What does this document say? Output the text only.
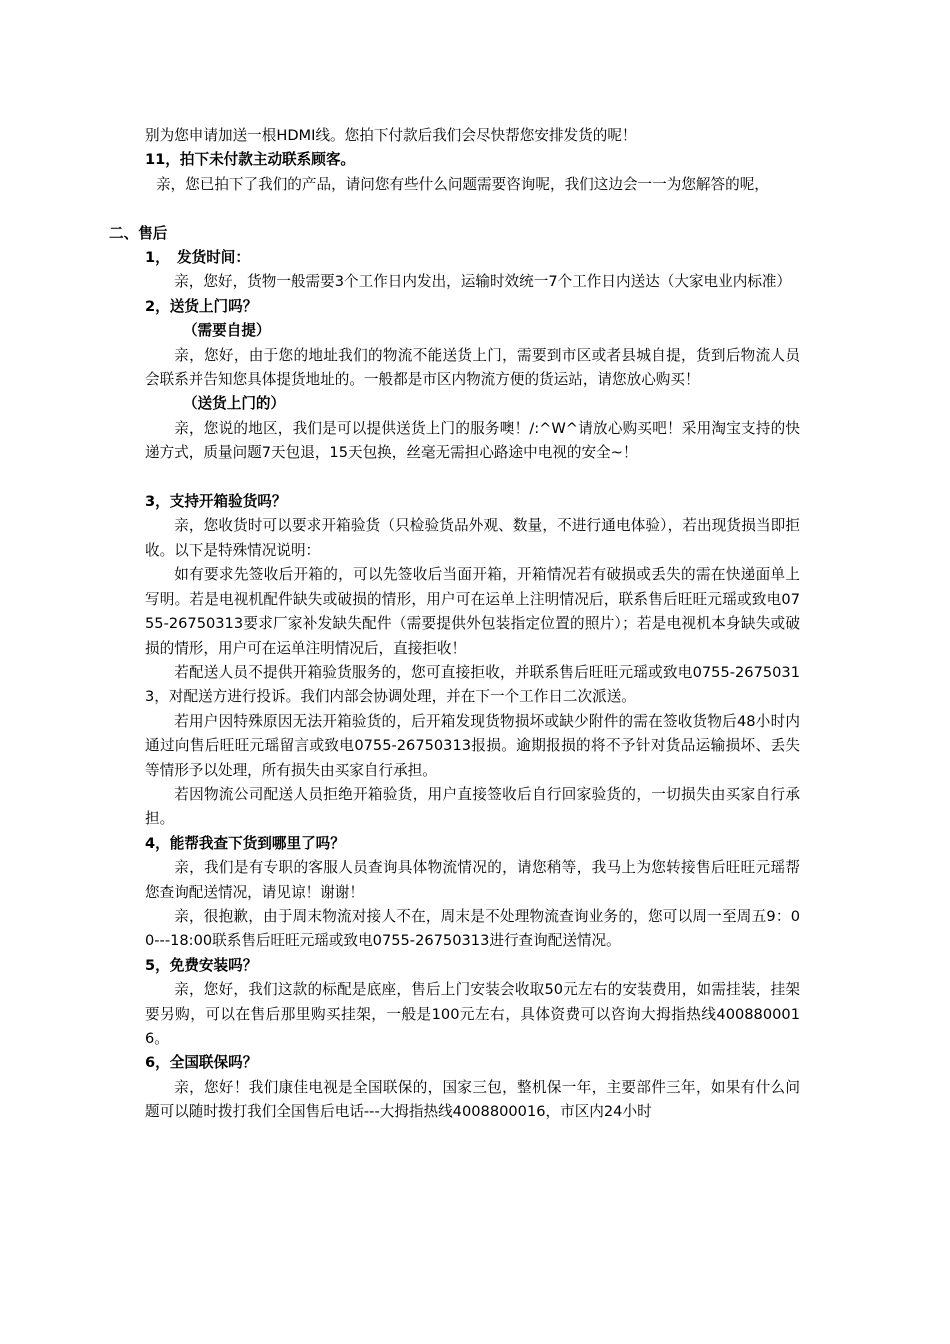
别为您申请加送一根HDMI线。您拍下付款后我们会尽快帮您安排发货的呢！

11，拍下未付款主动联系顾客。

亲，您已拍下了我们的产品，请问您有些什么问题需要咨询呢，我们这边会一一为您解答的呢，

二、售后

1， 发货时间：

亲，您好，货物一般需要3个工作日内发出，运输时效统一7个工作日内送达（大家电业内标准）

2，送货上门吗？

（需要自提）

亲，您好，由于您的地址我们的物流不能送货上门，需要到市区或者县城自提，货到后物流人员会联系并告知您具体提货地址的。一般都是市区内物流方便的货运站，请您放心购买！

（送货上门的）

亲，您说的地区，我们是可以提供送货上门的服务噢！/:^W^请放心购买吧！采用淘宝支持的快递方式，质量问题7天包退，15天包换，丝毫无需担心路途中电视的安全~！

3，支持开箱验货吗？

亲，您收货时可以要求开箱验货（只检验货品外观、数量，不进行通电体验），若出现货损当即拒收。以下是特殊情况说明：

如有要求先签收后开箱的，可以先签收后当面开箱，开箱情况若有破损或丢失的需在快递面单上写明。若是电视机配件缺失或破损的情形，用户可在运单上注明情况后，联系售后旺旺元瑶或致电0755-26750313要求厂家补发缺失配件（需要提供外包装指定位置的照片）；若是电视机本身缺失或破损的情形，用户可在运单注明情况后，直接拒收！

若配送人员不提供开箱验货服务的，您可直接拒收，并联系售后旺旺元瑶或致电0755-26750313，对配送方进行投诉。我们内部会协调处理，并在下一个工作日二次派送。

若用户因特殊原因无法开箱验货的，后开箱发现货物损坏或缺少附件的需在签收货物后48小时内通过向售后旺旺元瑶留言或致电0755-26750313报损。逾期报损的将不予针对货品运输损坏、丢失等情形予以处理，所有损失由买家自行承担。

若因物流公司配送人员拒绝开箱验货，用户直接签收后自行回家验货的，一切损失由买家自行承担。

4，能帮我查下货到哪里了吗？

亲，我们是有专职的客服人员查询具体物流情况的，请您稍等，我马上为您转接售后旺旺元瑶帮您查询配送情况，请见谅！谢谢！

亲，很抱歉，由于周末物流对接人不在，周末是不处理物流查询业务的，您可以周一至周五9：00---18:00联系售后旺旺元瑶或致电0755-26750313进行查询配送情况。

5，免费安装吗？

亲，您好，我们这款的标配是底座，售后上门安装会收取50元左右的安装费用，如需挂装，挂架要另购，可以在售后那里购买挂架，一般是100元左右，具体资费可以咨询大拇指热线4008800016。

6，全国联保吗？

亲，您好！我们康佳电视是全国联保的，国家三包，整机保一年，主要部件三年，如果有什么问题可以随时拨打我们全国售后电话---大拇指热线4008800016，市区内24小时
